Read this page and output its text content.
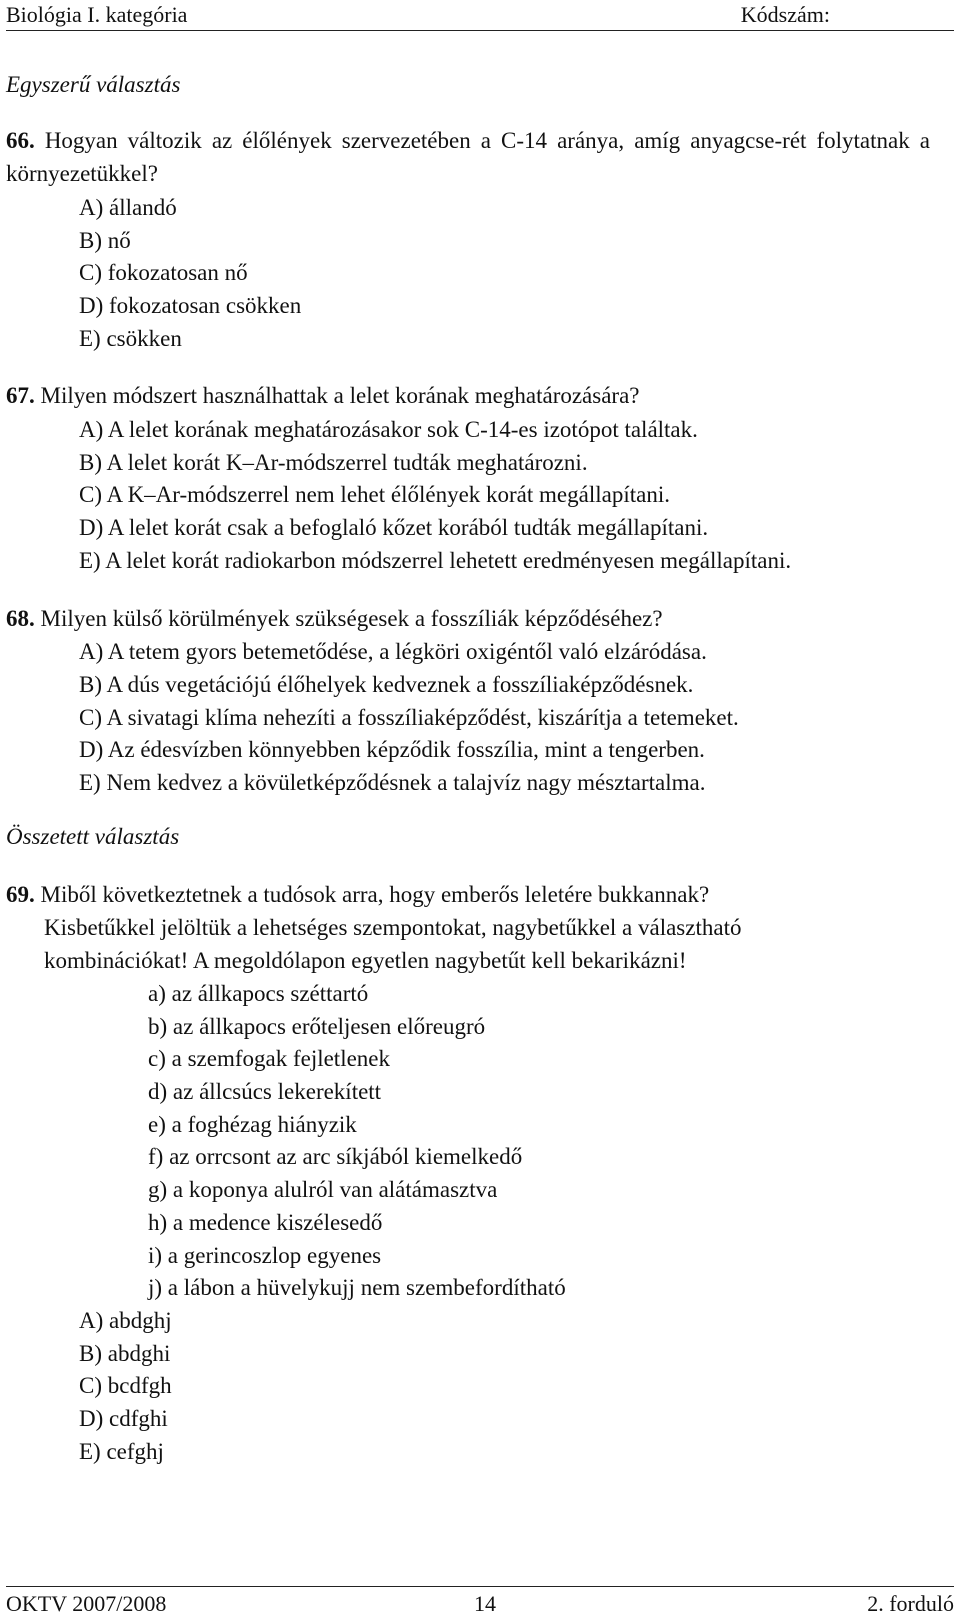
Biológia I. kategória	Kódszám:
Egyszerű választás
66. Hogyan változik az élőlények szervezetében a C-14 aránya, amíg anyagcse-rét folytatnak a környezetükkel?
A) állandó
B) nő
C) fokozatosan nő
D) fokozatosan csökken
E) csökken
67. Milyen módszert használhattak a lelet korának meghatározására?
A) A lelet korának meghatározásakor sok C-14-es izotópot találtak.
B) A lelet korát K–Ar-módszerrel tudták meghatározni.
C) A K–Ar-módszerrel nem lehet élőlények korát megállapítani.
D) A lelet korát csak a befoglaló kőzet korából tudták megállapítani.
E) A lelet korát radiokarbon módszerrel lehetett eredményesen megállapítani.
68. Milyen külső körülmények szükségesek a fosszíliák képződéséhez?
A) A tetem gyors betemetődése, a légköri oxigéntől való elzáródása.
B) A dús vegetációjú élőhelyek kedveznek a fosszíliaképződésnek.
C) A sivatagi klíma nehezíti a fosszíliaképződést, kiszárítja a tetemeket.
D) Az édesvízben könnyebben képződik fosszília, mint a tengerben.
E) Nem kedvez a kövületképződésnek a talajvíz nagy mésztartalma.
Összetett választás
69. Miből következtetnek a tudósok arra, hogy emberős leletére bukkannak?
Kisbetűkkel jelöltük a lehetséges szempontokat, nagybetűkkel a választható
kombinációkat! A megoldólapon egyetlen nagybetűt kell bekarikázni!
a) az állkapocs széttartó
b) az állkapocs erőteljesen előreugró
c) a szemfogak fejletlenek
d) az állcsúcs lekerekített
e) a foghézag hiányzik
f) az orrcsont az arc síkjából kiemelkedő
g) a koponya alulról van alátámasztva
h) a medence kiszélesedő
i) a gerincoszlop egyenes
j) a lábon a hüvelykujj nem szembefordítható
A) abdghj
B) abdghi
C) bcdfgh
D) cdfghi
E) cefghj
OKTV 2007/2008	14	2. forduló
